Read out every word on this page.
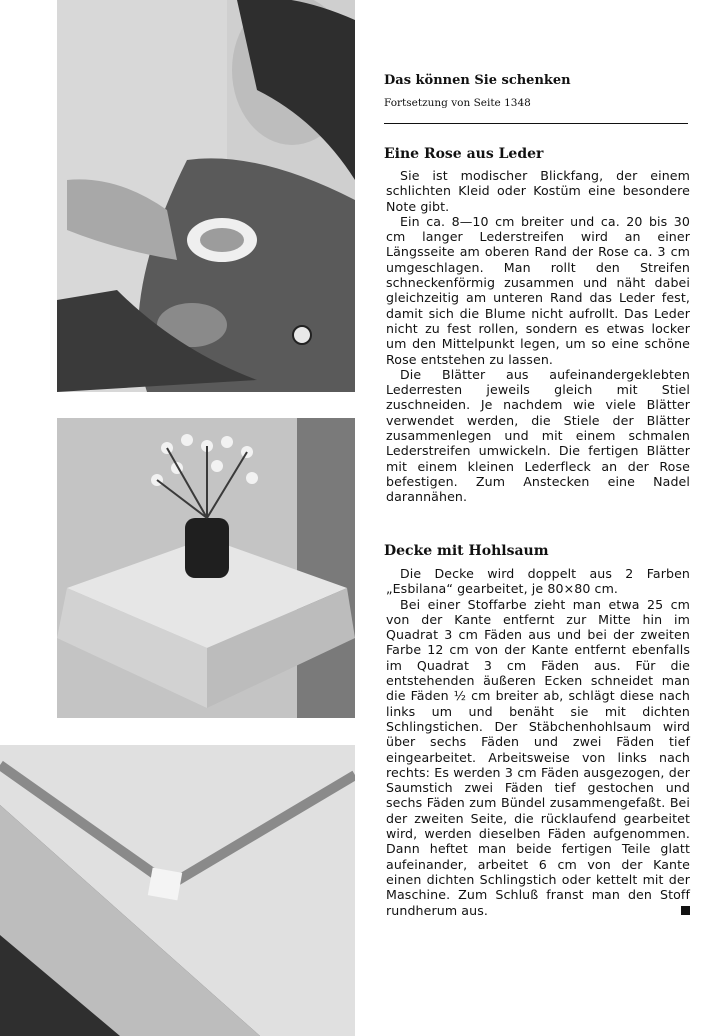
Das können Sie schenken
Fortsetzung von Seite 1348
Eine Rose aus Leder

Sie ist modischer Blickfang, der einem schlichten Kleid oder Kostüm eine besondere Note gibt.

Ein ca. 8—10 cm breiter und ca. 20 bis 30 cm langer Lederstreifen wird an einer Längsseite am oberen Rand der Rose ca. 3 cm umgeschlagen. Man rollt den Streifen schneckenförmig zusammen und näht dabei gleichzeitig am unteren Rand das Leder fest, damit sich die Blume nicht aufrollt. Das Leder nicht zu fest rollen, sondern es etwas locker um den Mittelpunkt legen, um so eine schöne Rose entstehen zu lassen.

Die Blätter aus aufeinandergeklebten Lederresten jeweils gleich mit Stiel zuschneiden. Je nachdem wie viele Blätter verwendet werden, die Stiele der Blätter zusammenlegen und mit einem schmalen Lederstreifen umwickeln. Die fertigen Blätter mit einem kleinen Lederfleck an der Rose befestigen. Zum Anstecken eine Nadel darannähen.

Decke mit Hohlsaum

Die Decke wird doppelt aus 2 Farben „Esbilana“ gearbeitet, je 80×80 cm.

Bei einer Stoffarbe zieht man etwa 25 cm von der Kante entfernt zur Mitte hin im Quadrat 3 cm Fäden aus und bei der zweiten Farbe 12 cm von der Kante entfernt ebenfalls im Quadrat 3 cm Fäden aus. Für die entstehenden äußeren Ecken schneidet man die Fäden ½ cm breiter ab, schlägt diese nach links um und benäht sie mit dichten Schlingstichen. Der Stäbchenhohlsaum wird über sechs Fäden und zwei Fäden tief eingearbeitet. Arbeitsweise von links nach rechts: Es werden 3 cm Fäden ausgezogen, der Saumstich zwei Fäden tief gestochen und sechs Fäden zum Bündel zusammengefaßt. Bei der zweiten Seite, die rücklaufend gearbeitet wird, werden dieselben Fäden aufgenommen. Dann heftet man beide fertigen Teile glatt aufeinander, arbeitet 6 cm von der Kante einen dichten Schlingstich oder kettelt mit der Maschine. Zum Schluß franst man den Stoff rundherum aus.
